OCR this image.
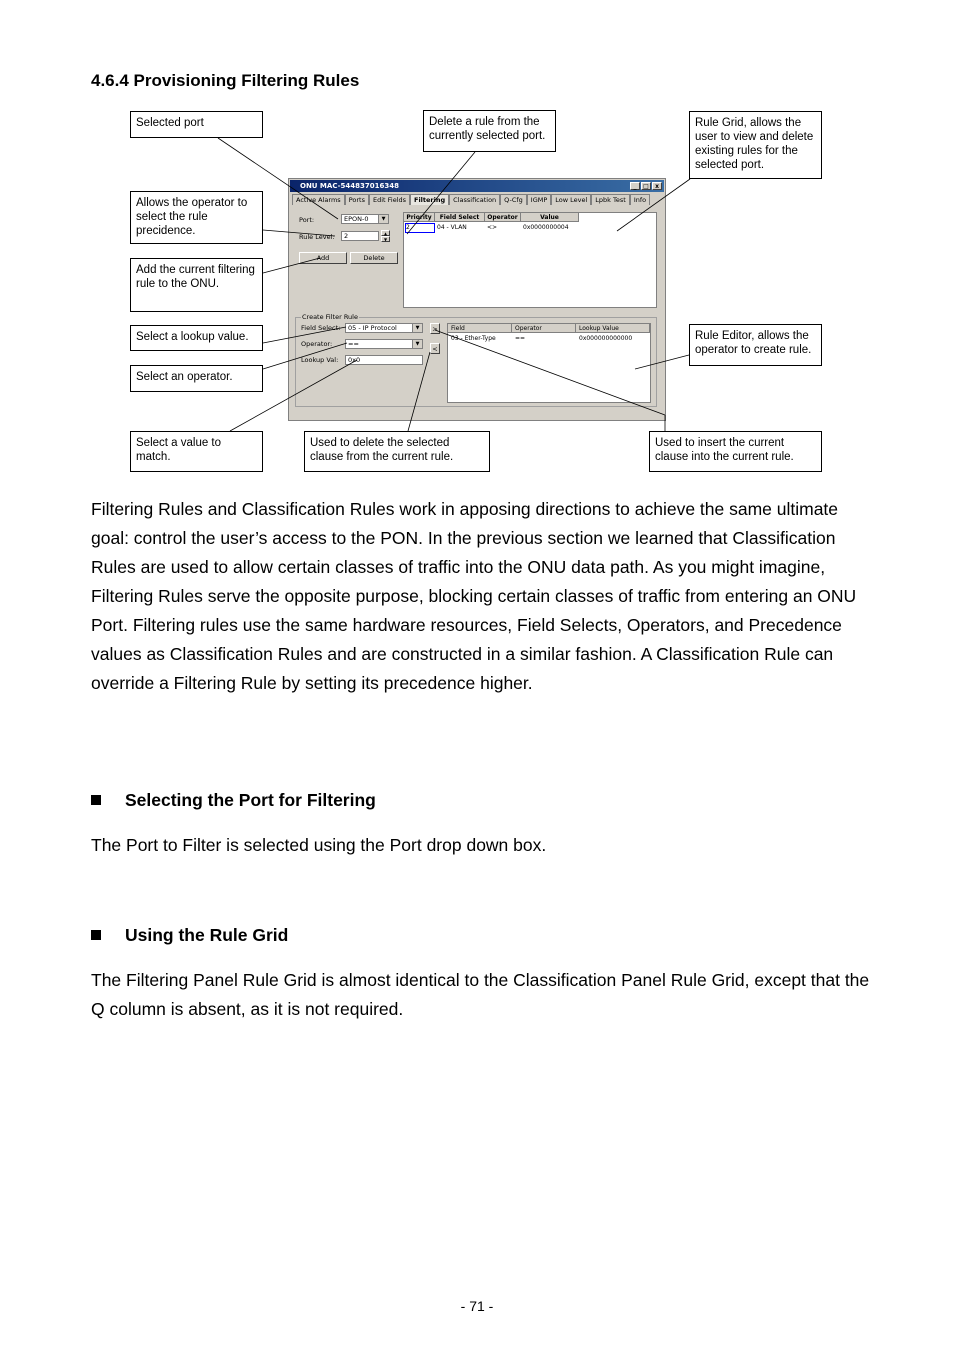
4.6.4 Provisioning Filtering Rules
ONU MAC-544837016348	_	□	x
Active Alarms	Ports	Edit Fields	Filtering	Classification	Q-Cfg	IGMP	Low Level	Lpbk Test	Info
Port:	EPON-0	▼
Rule Level:	2	▲
▼
Add	Delete
Priority	Field Select	Operator	Value
2	04 - VLAN	<>	0x0000000004
Create Filter Rule
Field Select:	05 - IP Protocol	▼
Operator:	==	▼
Lookup Val:	0x0
>
<
Field	Operator	Lookup Value
03 - Ether-Type	==	0x000000000000
Selected port	Delete a rule from the currently selected port.
Rule Grid, allows the user to view and delete existing rules for the selected port.
Allows the operator to select the rule precidence.
Add the current filtering rule to the ONU.
Select a lookup value.	Rule Editor, allows the operator to create rule.
Select an operator.
Select a value to match.
Used to delete the selected clause from the current rule.
Used to insert the current clause into the current rule.
Filtering Rules and Classification Rules work in apposing directions to achieve the same ultimate goal: control the user’s access to the PON. In the previous section we learned that Classification Rules are used to allow certain classes of traffic into the ONU data path. As you might imagine, Filtering Rules serve the opposite purpose, blocking certain classes of traffic from entering an ONU Port. Filtering rules use the same hardware resources, Field Selects, Operators, and Precedence values as Classification Rules and are constructed in a similar fashion. A Classification Rule can override a Filtering Rule by setting its precedence higher.
Selecting the Port for Filtering
The Port to Filter is selected using the Port drop down box.
Using the Rule Grid
The Filtering Panel Rule Grid is almost identical to the Classification Panel Rule Grid, except that the Q column is absent, as it is not required.
- 71 -
